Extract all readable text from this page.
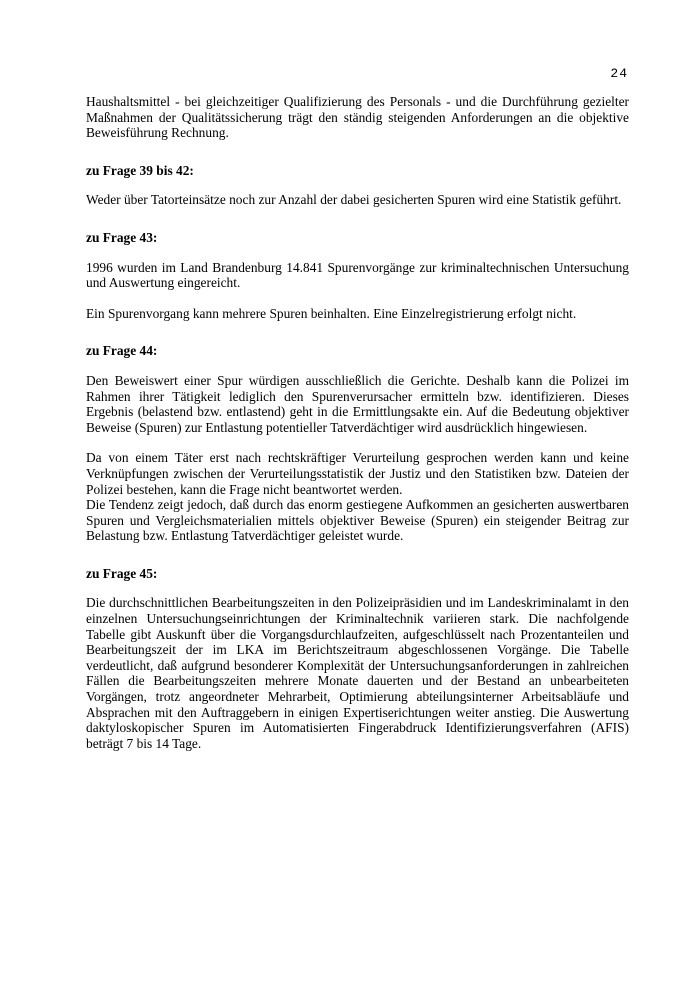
24

Haushaltsmittel - bei gleichzeitiger Qualifizierung des Personals - und die Durchführung gezielter Maßnahmen der Qualitätssicherung trägt den ständig steigenden Anforderungen an die objektive Beweisführung Rechnung.

zu Frage 39 bis 42:

Weder über Tatorteinsätze noch zur Anzahl der dabei gesicherten Spuren wird eine Statistik geführt.

zu Frage 43:

1996 wurden im Land Brandenburg 14.841 Spurenvorgänge zur kriminaltechnischen Untersuchung und Auswertung eingereicht.

Ein Spurenvorgang kann mehrere Spuren beinhalten. Eine Einzelregistrierung erfolgt nicht.

zu Frage 44:

Den Beweiswert einer Spur würdigen ausschließlich die Gerichte. Deshalb kann die Polizei im Rahmen ihrer Tätigkeit lediglich den Spurenverursacher ermitteln bzw. identifizieren. Dieses Ergebnis (belastend bzw. entlastend) geht in die Ermittlungsakte ein. Auf die Bedeutung objektiver Beweise (Spuren) zur Entlastung potentieller Tatverdächtiger wird ausdrücklich hingewiesen.

Da von einem Täter erst nach rechtskräftiger Verurteilung gesprochen werden kann und keine Verknüpfungen zwischen der Verurteilungsstatistik der Justiz und den Statistiken bzw. Dateien der Polizei bestehen, kann die Frage nicht beantwortet werden.

Die Tendenz zeigt jedoch, daß durch das enorm gestiegene Aufkommen an gesicherten auswertbaren Spuren und Vergleichsmaterialien mittels objektiver Beweise (Spuren) ein steigender Beitrag zur Belastung bzw. Entlastung Tatverdächtiger geleistet wurde.

zu Frage 45:

Die durchschnittlichen Bearbeitungszeiten in den Polizeipräsidien und im Landeskriminalamt in den einzelnen Untersuchungseinrichtungen der Kriminaltechnik variieren stark. Die nachfolgende Tabelle gibt Auskunft über die Vorgangsdurchlaufzeiten, aufgeschlüsselt nach Prozentanteilen und Bearbeitungszeit der im LKA im Berichtszeitraum abgeschlossenen Vorgänge. Die Tabelle verdeutlicht, daß aufgrund besonderer Komplexität der Untersuchungsanforderungen in zahlreichen Fällen die Bearbeitungszeiten mehrere Monate dauerten und der Bestand an unbearbeiteten Vorgängen, trotz angeordneter Mehrarbeit, Optimierung abteilungsinterner Arbeitsabläufe und Absprachen mit den Auftraggebern in einigen Expertiserichtungen weiter anstieg. Die Auswertung daktyloskopischer Spuren im Automatisierten Fingerabdruck Identifizierungsverfahren (AFIS) beträgt 7 bis 14 Tage.
